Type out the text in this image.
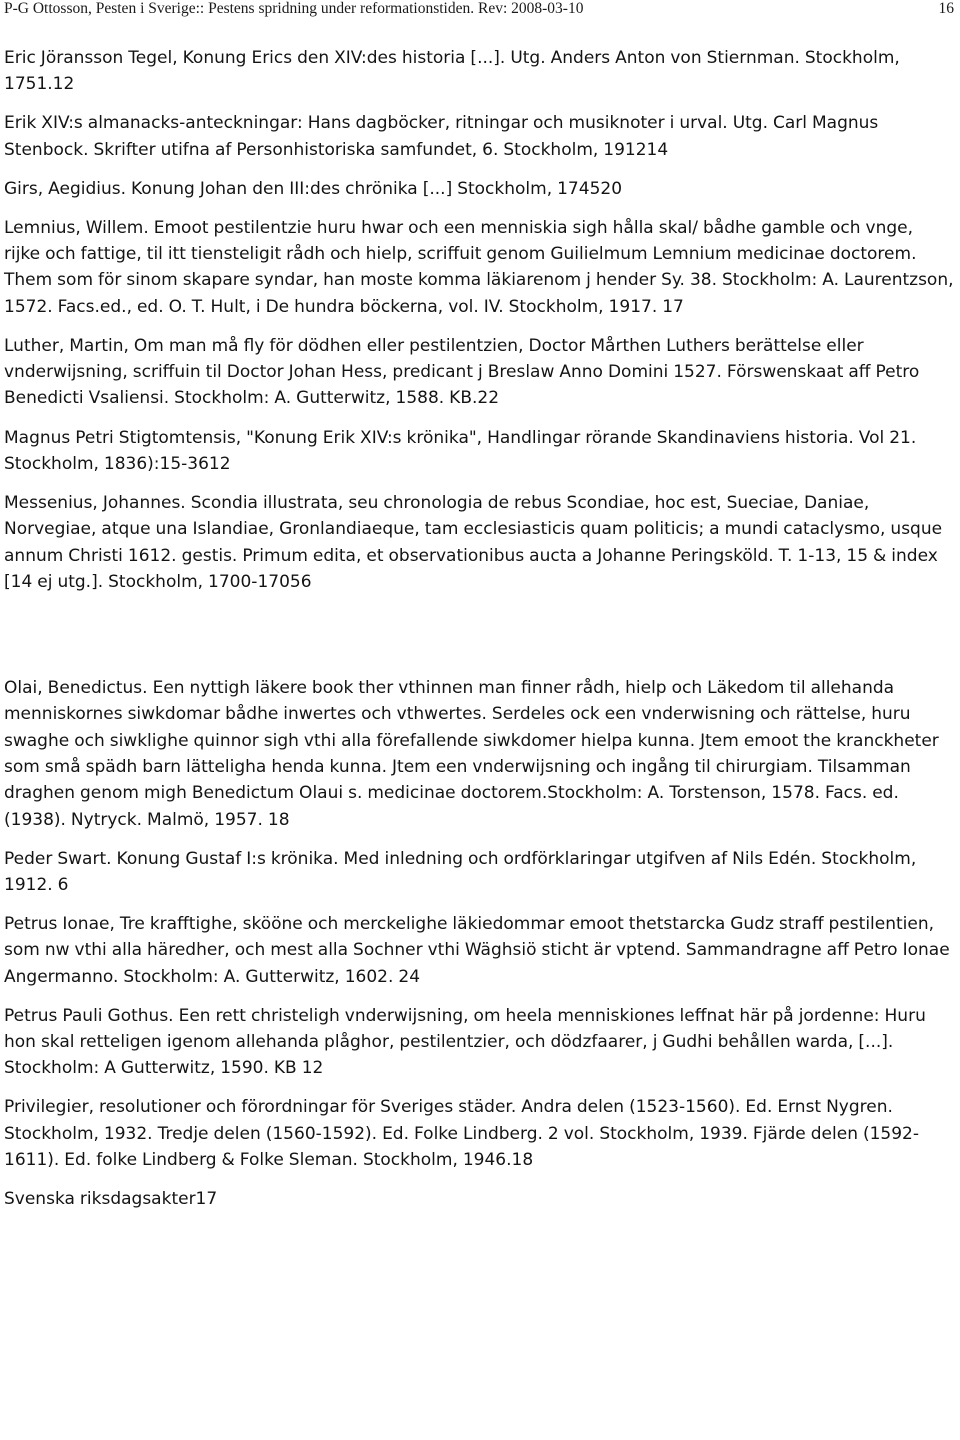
P-G Ottosson, Pesten i Sverige:: Pestens spridning under reformationstiden. Rev: 2008-03-10	16

Eric Jöransson Tegel, Konung Erics den XIV:des historia [...]. Utg. Anders Anton von Stiernman. Stockholm, 1751.12

Erik XIV:s almanacks-anteckningar: Hans dagböcker, ritningar och musiknoter i urval. Utg. Carl Magnus Stenbock. Skrifter utifna af Personhistoriska samfundet, 6. Stockholm, 191214

Girs, Aegidius. Konung Johan den III:des chrönika [...] Stockholm, 174520

Lemnius, Willem. Emoot pestilentzie huru hwar och een menniskia sigh hålla skal/ bådhe gamble och vnge, rijke och fattige, til itt tiensteligit rådh och hielp, scriffuit genom Guilielmum Lemnium medicinae doctorem. Them som för sinom skapare syndar, han moste komma läkiarenom j hender Sy. 38. Stockholm: A. Laurentzson, 1572. Facs.ed., ed. O. T. Hult, i De hundra böckerna, vol. IV. Stockholm, 1917. 17

Luther, Martin, Om man må fly för dödhen eller pestilentzien, Doctor Mårthen Luthers berättelse eller vnderwijsning, scriffuin til Doctor Johan Hess, predicant j Breslaw Anno Domini 1527. Förswenskaat aff Petro Benedicti Vsaliensi. Stockholm: A. Gutterwitz, 1588. KB.22

Magnus Petri Stigtomtensis, "Konung Erik XIV:s krönika", Handlingar rörande Skandinaviens historia. Vol 21. Stockholm, 1836):15-3612

Messenius, Johannes. Scondia illustrata, seu chronologia de rebus Scondiae, hoc est, Sueciae, Daniae, Norvegiae, atque una Islandiae, Gronlandiaeque, tam ecclesiasticis quam politicis; a mundi cataclysmo, usque annum Christi 1612. gestis. Primum edita, et observationibus aucta a Johanne Peringsköld. T. 1-13, 15 & index [14 ej utg.]. Stockholm, 1700-17056

Olai, Benedictus. Een nyttigh läkere book ther vthinnen man finner rådh, hielp och Läkedom til allehanda menniskornes siwkdomar bådhe inwertes och vthwertes. Serdeles ock een vnderwisning och rättelse, huru swaghe och siwklighe quinnor sigh vthi alla förefallende siwkdomer hielpa kunna. Jtem emoot the kranckheter som små spädh barn lätteligha henda kunna. Jtem een vnderwijsning och ingång til chirurgiam. Tilsamman draghen genom migh Benedictum Olaui s. medicinae doctorem.Stockholm: A. Torstenson, 1578. Facs. ed. (1938). Nytryck. Malmö, 1957. 18

Peder Swart. Konung Gustaf I:s krönika. Med inledning och ordförklaringar utgifven af Nils Edén. Stockholm, 1912. 6

Petrus Ionae, Tre krafftighe, skööne och merckelighe läkiedommar emoot thetstarcka Gudz straff pestilentien, som nw vthi alla häredher, och mest alla Sochner vthi Wäghsiö sticht är vptend. Sammandragne aff Petro Ionae Angermanno. Stockholm: A. Gutterwitz, 1602. 24

Petrus Pauli Gothus. Een rett christeligh vnderwijsning, om heela menniskiones leffnat här på jordenne: Huru hon skal retteligen igenom allehanda plåghor, pestilentzier, och dödzfaarer, j Gudhi behållen warda, [...]. Stockholm: A Gutterwitz, 1590. KB 12

Privilegier, resolutioner och förordningar för Sveriges städer. Andra delen (1523-1560). Ed. Ernst Nygren. Stockholm, 1932. Tredje delen (1560-1592). Ed. Folke Lindberg. 2 vol. Stockholm, 1939. Fjärde delen (1592-1611). Ed. folke Lindberg & Folke Sleman. Stockholm, 1946.18

Svenska riksdagsakter17
